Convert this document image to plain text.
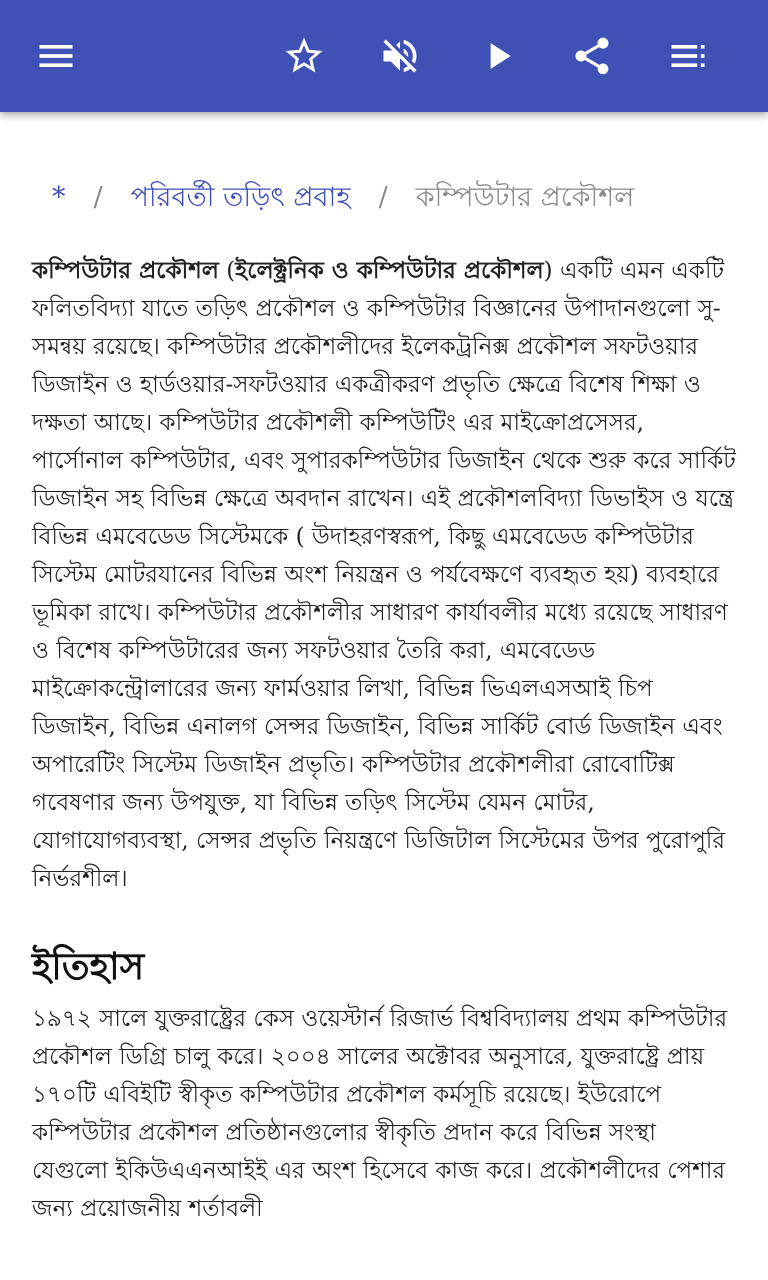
* / পরিবর্তী তড়িৎ প্রবাহ / কম্পিউটার প্রকৌশল

কম্পিউটার প্রকৌশল (ইলেক্ট্রনিক ও কম্পিউটার প্রকৌশল) একটি এমন একটি ফলিতবিদ্যা যাতে তড়িৎ প্রকৌশল ও কম্পিউটার বিজ্ঞানের উপাদানগুলো সু-সমন্বয় রয়েছে। কম্পিউটার প্রকৌশলীদের ইলেকট্রনিক্স প্রকৌশল সফটওয়ার ডিজাইন ও হার্ডওয়ার-সফটওয়ার একত্রীকরণ প্রভৃতি ক্ষেত্রে বিশেষ শিক্ষা ও দক্ষতা আছে। কম্পিউটার প্রকৌশলী কম্পিউটিং এর মাইক্রোপ্রসেসর, পার্সোনাল কম্পিউটার, এবং সুপারকম্পিউটার ডিজাইন থেকে শুরু করে সার্কিট ডিজাইন সহ বিভিন্ন ক্ষেত্রে অবদান রাখেন। এই প্রকৌশলবিদ্যা ডিভাইস ও যন্ত্রে বিভিন্ন এমবেডেড সিস্টেমকে ( উদাহরণস্বরূপ, কিছু এমবেডেড কম্পিউটার সিস্টেম মোটরযানের বিভিন্ন অংশ নিয়ন্ত্রন ও পর্যবেক্ষণে ব্যবহৃত হয়) ব্যবহারে ভূমিকা রাখে। কম্পিউটার প্রকৌশলীর সাধারণ কার্যাবলীর মধ্যে রয়েছে সাধারণ ও বিশেষ কম্পিউটারের জন্য সফটওয়ার তৈরি করা, এমবেডেড মাইক্রোকন্ট্রোলারের জন্য ফার্মওয়ার লিখা, বিভিন্ন ভিএলএসআই চিপ ডিজাইন, বিভিন্ন এনালগ সেন্সর ডিজাইন, বিভিন্ন সার্কিট বোর্ড ডিজাইন এবং অপারেটিং সিস্টেম ডিজাইন প্রভৃতি। কম্পিউটার প্রকৌশলীরা রোবোটিক্স গবেষণার জন্য উপযুক্ত, যা বিভিন্ন তড়িৎ সিস্টেম যেমন মোটর, যোগাযোগব্যবস্থা, সেন্সর প্রভৃতি নিয়ন্ত্রণে ডিজিটাল সিস্টেমের উপর পুরোপুরি নির্ভরশীল।

ইতিহাস

১৯৭২ সালে যুক্তরাষ্ট্রের কেস ওয়েস্টার্ন রিজার্ভ বিশ্ববিদ্যালয় প্রথম কম্পিউটার প্রকৌশল ডিগ্রি চালু করে। ২০০৪ সালের অক্টোবর অনুসারে, যুক্তরাষ্ট্রে প্রায় ১৭০টি এবিইটি স্বীকৃত কম্পিউটার প্রকৌশল কর্মসূচি রয়েছে। ইউরোপে কম্পিউটার প্রকৌশল প্রতিষ্ঠানগুলোর স্বীকৃতি প্রদান করে বিভিন্ন সংস্থা যেগুলো ইকিউএএনআইই এর অংশ হিসেবে কাজ করে। প্রকৌশলীদের পেশার জন্য প্রয়োজনীয় শর্তাবলী
